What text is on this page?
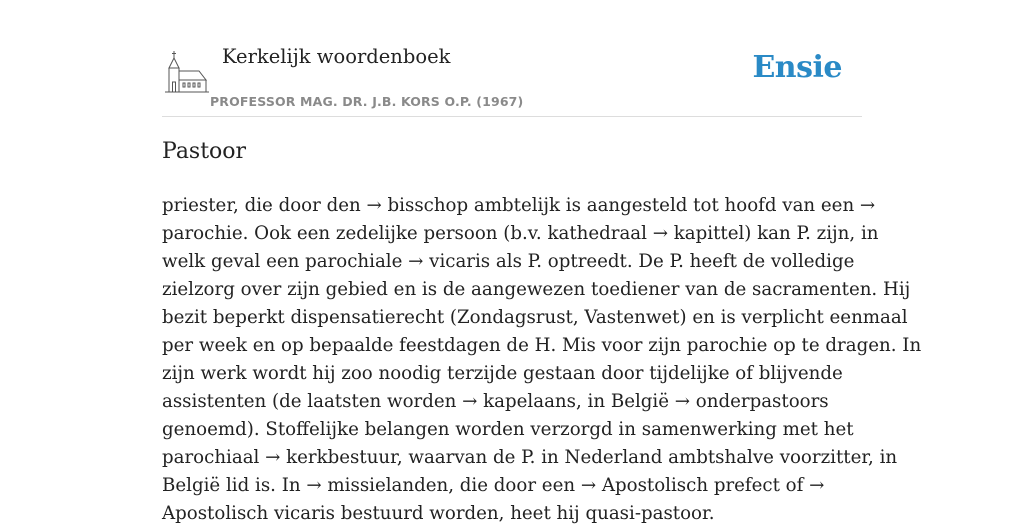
Kerkelijk woordenboek
PROFESSOR MAG. DR. J.B. KORS O.P. (1967)
Ensie
Pastoor

priester, die door den → bisschop ambtelijk is aangesteld tot hoofd van een →
parochie. Ook een zedelijke persoon (b.v. kathedraal → kapittel) kan P. zijn, in
welk geval een parochiale → vicaris als P. optreedt. De P. heeft de volledige
zielzorg over zijn gebied en is de aangewezen toediener van de sacramenten. Hij
bezit beperkt dispensatierecht (Zondagsrust, Vastenwet) en is verplicht eenmaal
per week en op bepaalde feestdagen de H. Mis voor zijn parochie op te dragen. In
zijn werk wordt hij zoo noodig terzijde gestaan door tijdelijke of blijvende
assistenten (de laatsten worden → kapelaans, in België → onderpastoors
genoemd). Stoffelijke belangen worden verzorgd in samenwerking met het
parochiaal → kerkbestuur, waarvan de P. in Nederland ambtshalve voorzitter, in
België lid is. In → missielanden, die door een → Apostolisch prefect of →
Apostolisch vicaris bestuurd worden, heet hij quasi-pastoor.
